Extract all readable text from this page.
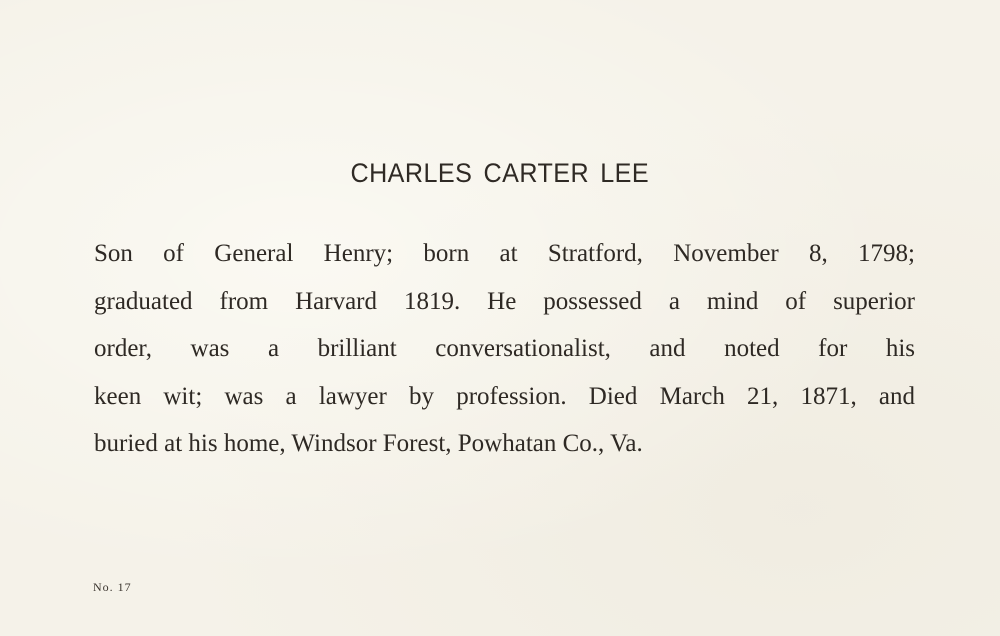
CHARLES CARTER LEE
Son of General Henry; born at Stratford, November 8, 1798;
graduated from Harvard 1819. He possessed a mind of superior
order, was a brilliant conversationalist, and noted for his
keen wit; was a lawyer by profession. Died March 21, 1871, and
buried at his home, Windsor Forest, Powhatan Co., Va.
No. 17
